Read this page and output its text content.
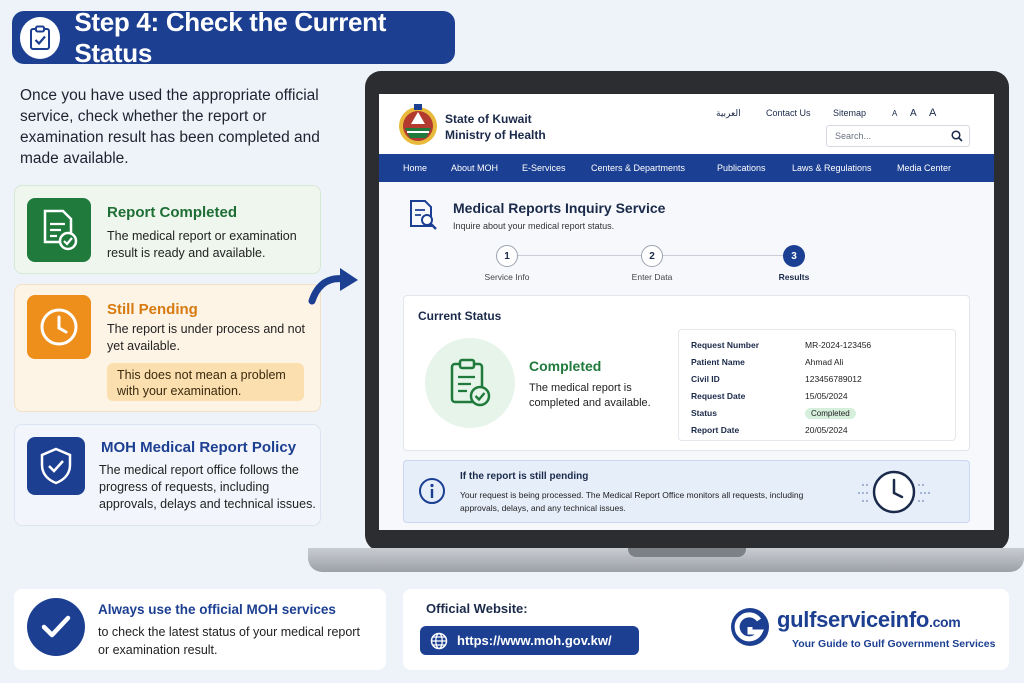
Step 4: Check the Current Status
Once you have used the appropriate official service, check whether the report or examination result has been completed and made available.
Report Completed
The medical report or examination result is ready and available.
Still Pending
The report is under process and not yet available.
This does not mean a problem with your examination.
MOH Medical Report Policy
The medical report office follows the progress of requests, including approvals, delays and technical issues.
State of Kuwait
Ministry of Health
العربية	Contact Us Sitemap	A A A
Search...
Home	About MOH	E-Services	Centers & Departments	Publications	Laws & Regulations	Media Center
Medical Reports Inquiry Service
Inquire about your medical report status.
1	2	3
Service Info	Enter Data	Results
Current Status
Completed
The medical report is completed and available.
Request Number	MR-2024-123456
Patient Name	Ahmad Ali
Civil ID	123456789012
Request Date	15/05/2024
Status	Completed
Report Date	20/05/2024
If the report is still pending
Your request is being processed. The Medical Report Office monitors all requests, including approvals, delays, and any technical issues.
Always use the official MOH services
to check the latest status of your medical report or examination result.
Official Website:
https://www.moh.gov.kw/
gulfserviceinfo.com
Your Guide to Gulf Government Services
